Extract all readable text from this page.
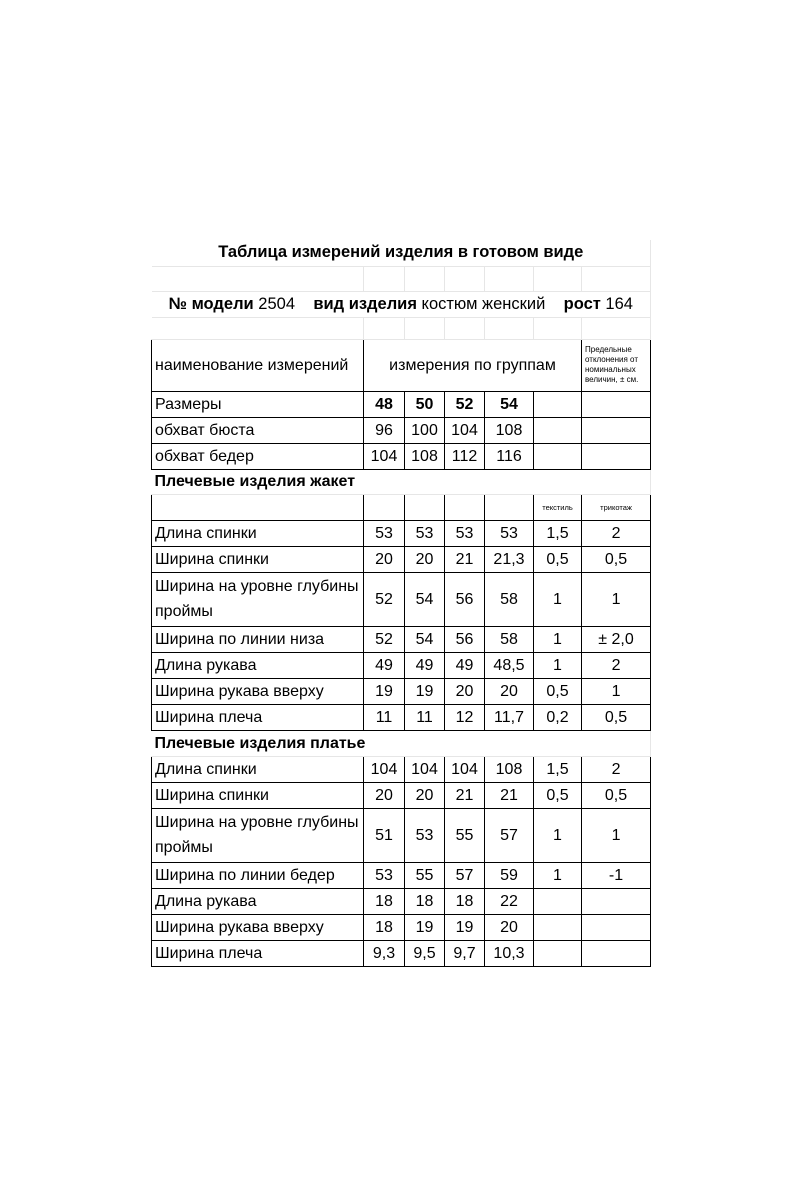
Таблица измерений изделия в готовом виде						

№ модели 2504 вид изделия костюм женский рост 164						

наименование измерений	измерения по группам					Предельные отклонения от номинальных величин, ± см.
Размеры	48	50	52	54		
обхват бюста	96	100	104	108		
обхват бедер	104	108	112	116		
Плечевые изделия жакет						
					текстиль	трикотаж
Длина спинки	53	53	53	53	1,5	2
Ширина спинки	20	20	21	21,3	0,5	0,5
Ширина на уровне глубины проймы	52	54	56	58	1	1
Ширина по линии низа	52	54	56	58	1	± 2,0
Длина рукава	49	49	49	48,5	1	2
Ширина рукава вверху	19	19	20	20	0,5	1
Ширина плеча	11	11	12	11,7	0,2	0,5
Плечевые изделия платье						
Длина спинки	104	104	104	108	1,5	2
Ширина спинки	20	20	21	21	0,5	0,5
Ширина на уровне глубины проймы	51	53	55	57	1	1
Ширина по линии бедер	53	55	57	59	1	-1
Длина рукава	18	18	18	22		
Ширина рукава вверху	18	19	19	20		
Ширина плеча	9,3	9,5	9,7	10,3		
